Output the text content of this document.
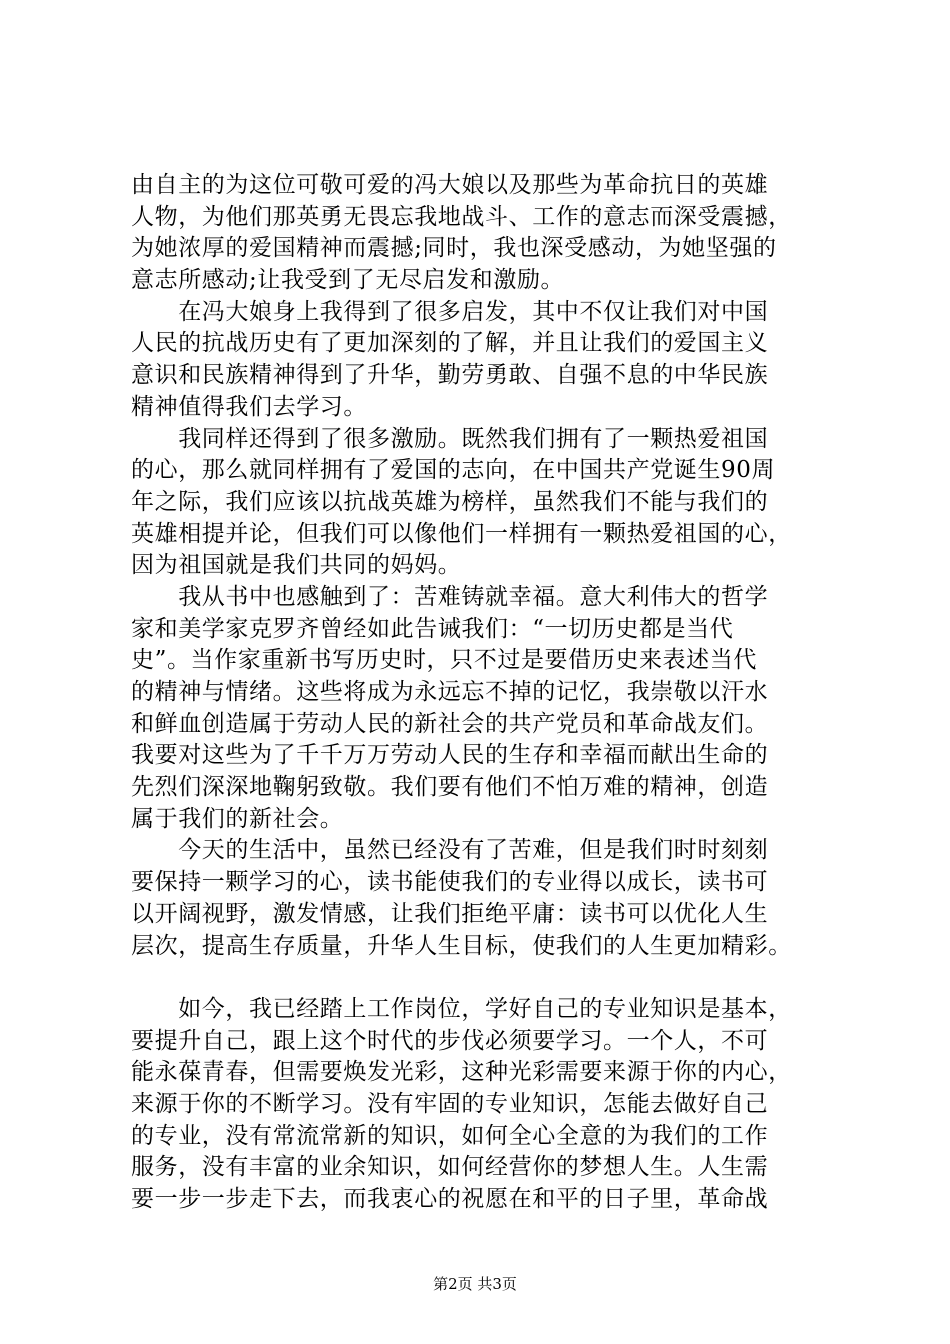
由自主的为这位可敬可爱的冯大娘以及那些为革命抗日的英雄
人物，为他们那英勇无畏忘我地战斗、工作的意志而深受震撼，
为她浓厚的爱国精神而震撼;同时，我也深受感动，为她坚强的
意志所感动;让我受到了无尽启发和激励。
　　在冯大娘身上我得到了很多启发，其中不仅让我们对中国
人民的抗战历史有了更加深刻的了解，并且让我们的爱国主义
意识和民族精神得到了升华，勤劳勇敢、自强不息的中华民族
精神值得我们去学习。
　　我同样还得到了很多激励。既然我们拥有了一颗热爱祖国
的心，那么就同样拥有了爱国的志向，在中国共产党诞生90周
年之际，我们应该以抗战英雄为榜样，虽然我们不能与我们的
英雄相提并论，但我们可以像他们一样拥有一颗热爱祖国的心，
因为祖国就是我们共同的妈妈。
　　我从书中也感触到了：苦难铸就幸福。意大利伟大的哲学
家和美学家克罗齐曾经如此告诫我们：“一切历史都是当代
史”。当作家重新书写历史时，只不过是要借历史来表述当代
的精神与情绪。这些将成为永远忘不掉的记忆，我崇敬以汗水
和鲜血创造属于劳动人民的新社会的共产党员和革命战友们。
我要对这些为了千千万万劳动人民的生存和幸福而献出生命的
先烈们深深地鞠躬致敬。我们要有他们不怕万难的精神，创造
属于我们的新社会。
　　今天的生活中，虽然已经没有了苦难，但是我们时时刻刻
要保持一颗学习的心，读书能使我们的专业得以成长，读书可
以开阔视野，激发情感，让我们拒绝平庸：读书可以优化人生
层次，提高生存质量，升华人生目标，使我们的人生更加精彩。
　　如今，我已经踏上工作岗位，学好自己的专业知识是基本，
要提升自己，跟上这个时代的步伐必须要学习。一个人，不可
能永葆青春，但需要焕发光彩，这种光彩需要来源于你的内心，
来源于你的不断学习。没有牢固的专业知识，怎能去做好自己
的专业，没有常流常新的知识，如何全心全意的为我们的工作
服务，没有丰富的业余知识，如何经营你的梦想人生。人生需
要一步一步走下去，而我衷心的祝愿在和平的日子里，革命战
第2页 共3页
